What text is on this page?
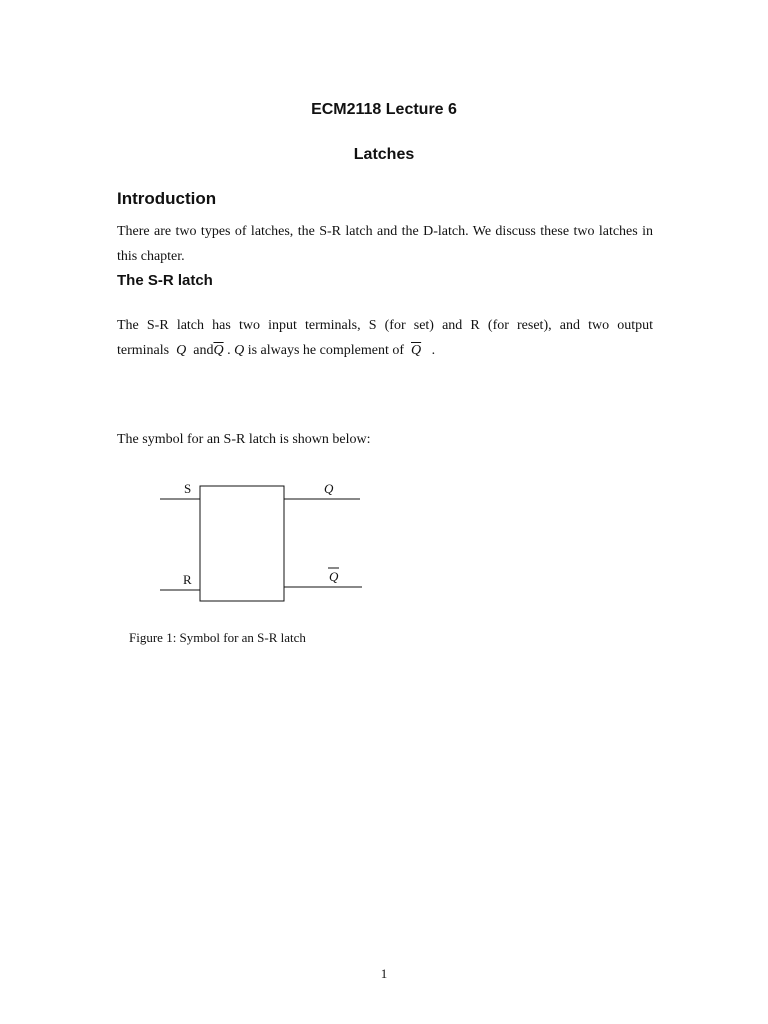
ECM2118 Lecture 6
Latches
Introduction

There are two types of latches, the S-R latch and the D-latch. We discuss these two latches in this chapter.

The S-R latch

The S-R latch has two input terminals, S (for set) and R (for reset), and two output

terminals Q $and\overline{Q}$ . Q is always he complement of $\overline{Q}$ .

The symbol for an S-R latch is shown below:

S
R
Q
Q

Figure 1: Symbol for an S-R latch

1
